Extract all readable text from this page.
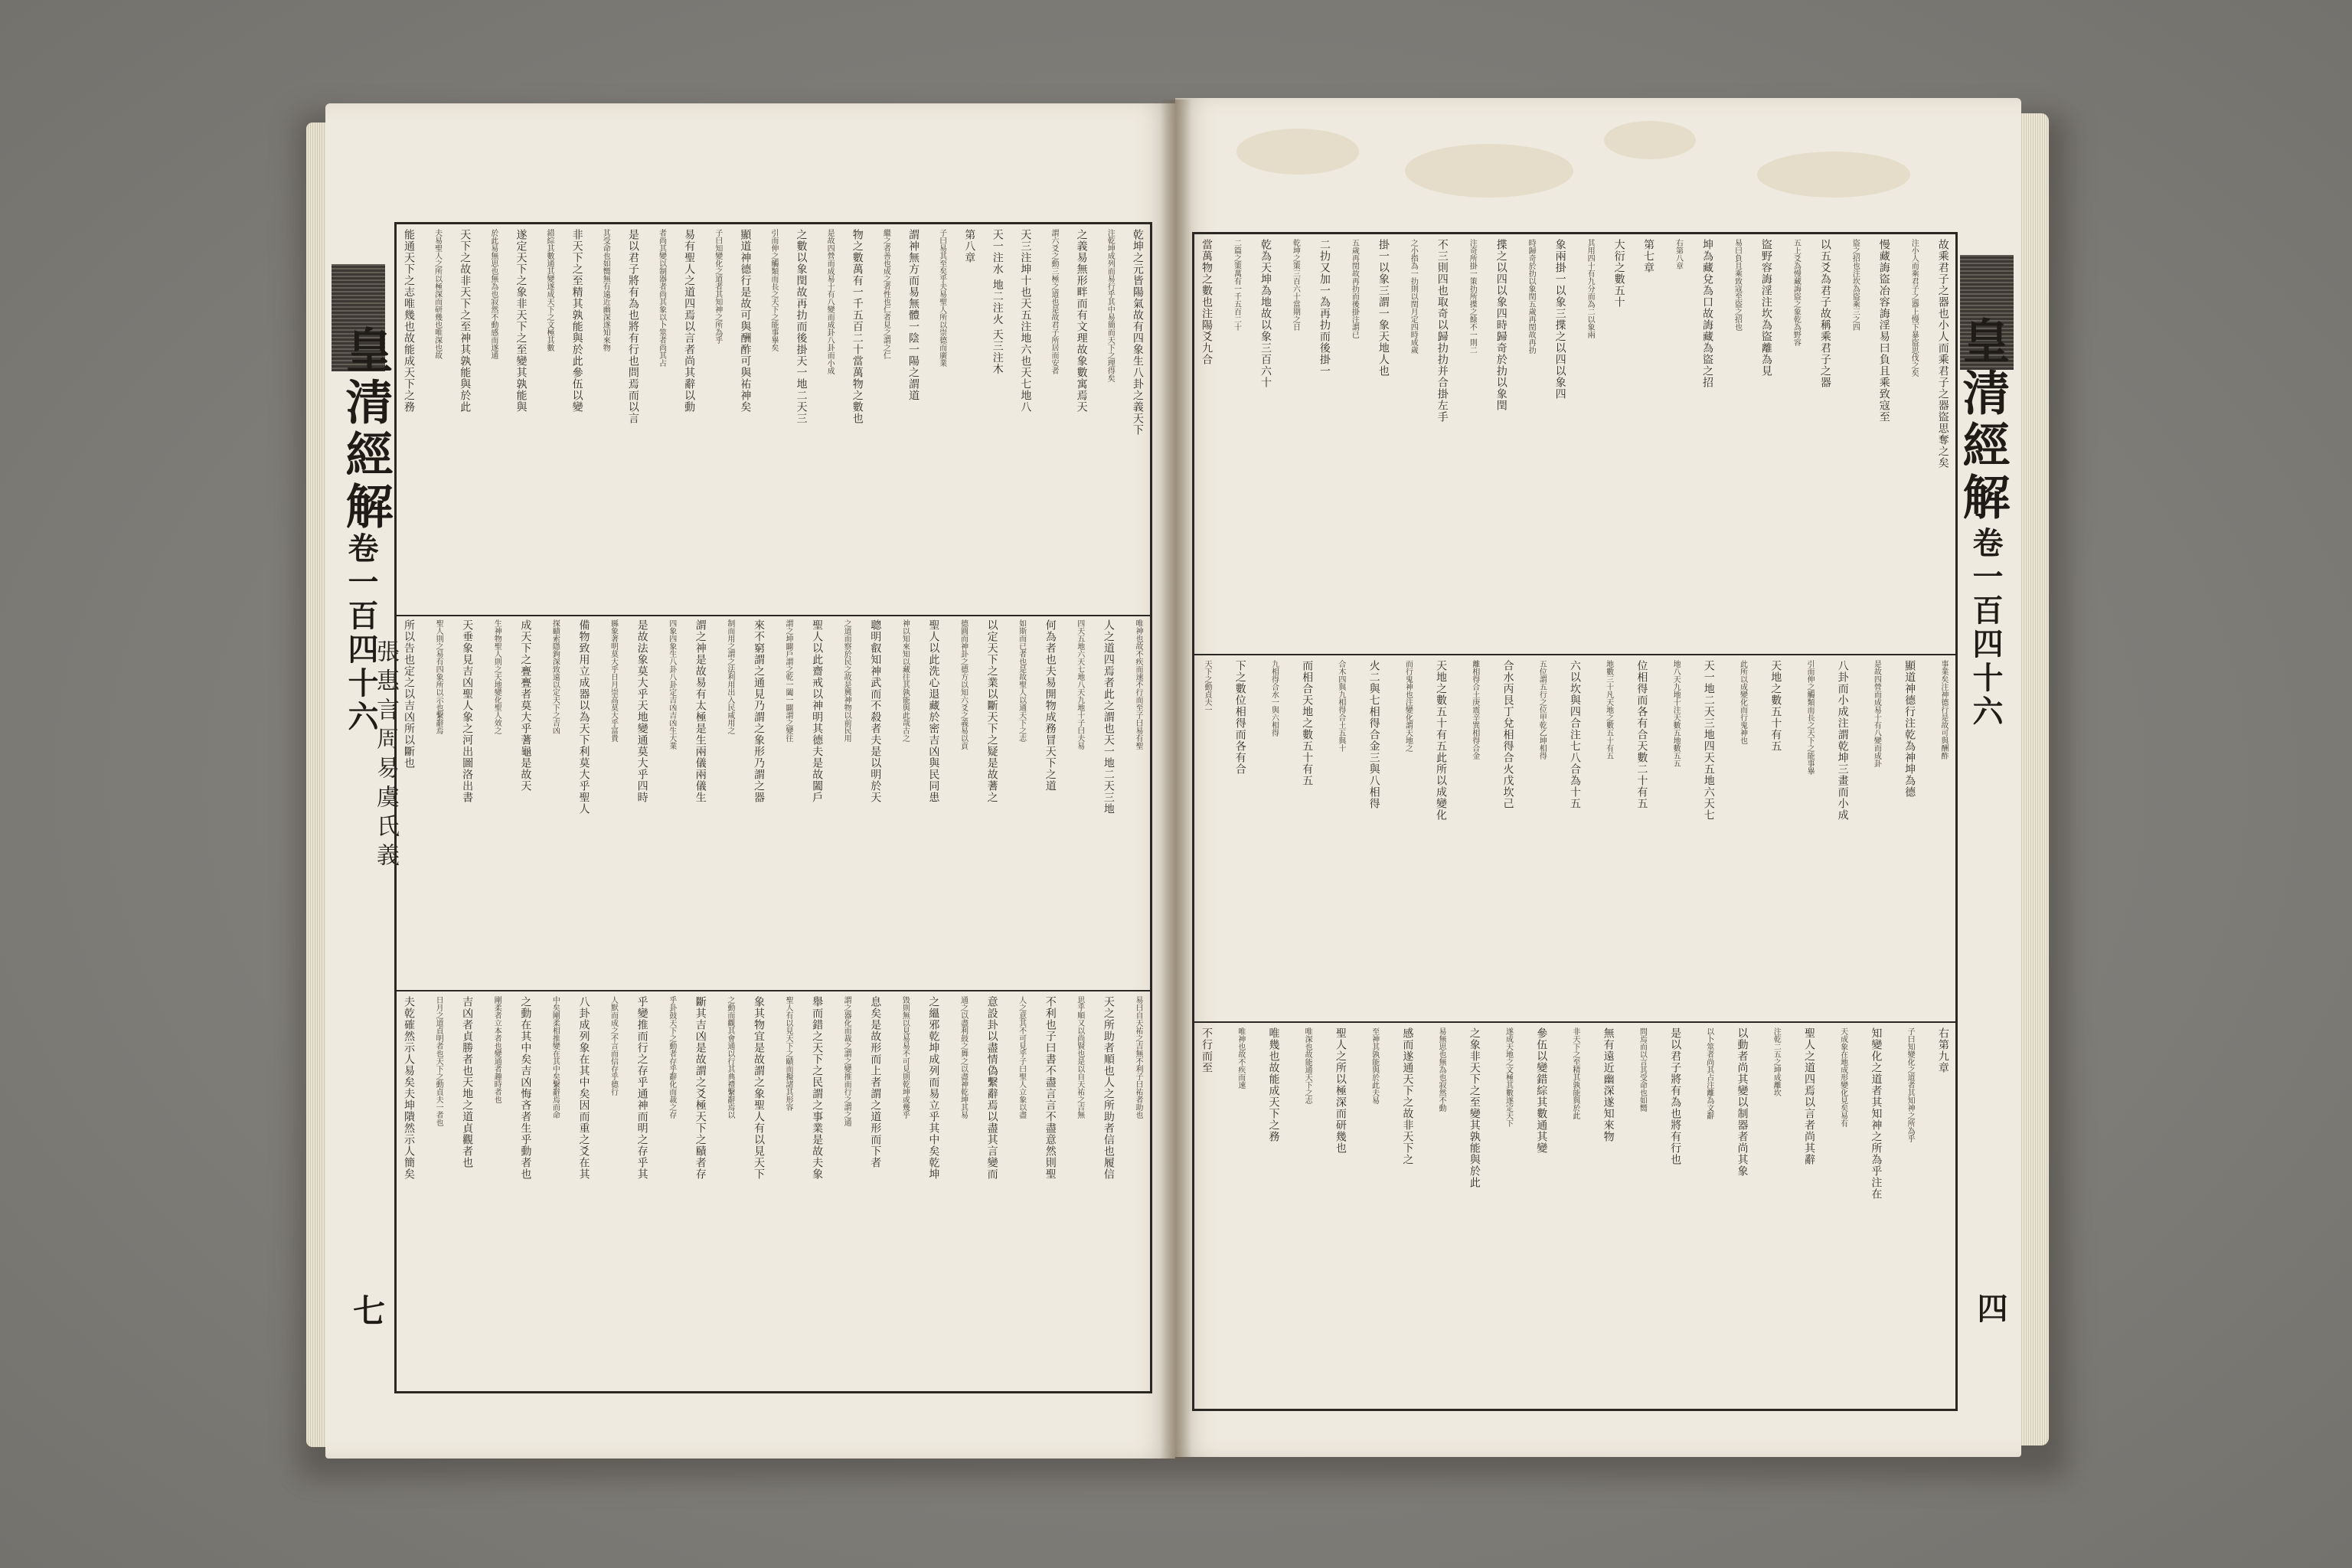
皇清經解
卷一百四十六
張惠言周易虞氏義
七
乾坤之元皆陽氣故有四象生八卦之義天下
注乾坤成列而易行乎其中易簡而天下之理得矣
之義易無形畔而有文理故象數寓焉天
謂六爻之動三極之道也是故君子所居而安者
天三注坤十也天五注地六也天七地八
天一注水 地二注火 天三注木
第八章
子曰易其至矣乎夫易聖人所以崇德而廣業
謂神無方而易無體一陰一陽之謂道
繼之者善也成之者性也仁者見之謂之仁
物之數萬有一千五百二十當萬物之數也
是故四營而成易十有八變而成卦八卦而小成
之數以象閏故再扐而後掛天一地二天三
引而伸之觸類而長之天下之能事畢矣
顯道神德行是故可與酬酢可與祐神矣
子曰知變化之道者其知神之所為乎
易有聖人之道四焉以言者尚其辭以動
者尚其變以制器者尚其象以卜筮者尚其占
是以君子將有為也將有行也問焉而以言
其受命也如嚮無有遠近幽深遂知來物
非天下之至精其孰能與於此參伍以變
錯綜其數通其變遂成天下之文極其數
遂定天下之象非天下之至變其孰能與
於此易無思也無為也寂然不動感而遂通
天下之故非天下之至神其孰能與於此
夫易聖人之所以極深而研幾也唯深也故
能通天下之志唯幾也故能成天下之務
唯神也故不疾而速不行而至子曰易有聖
人之道四焉者此之謂也天一地二天三地
四天五地六天七地八天九地十子曰夫易
何為者也夫易開物成務冒天下之道
如斯而已者也是故聖人以通天下之志
以定天下之業以斷天下之疑是故蓍之
德圓而神卦之德方以知六爻之義易以貢
聖人以此洗心退藏於密吉凶與民同患
神以知來知以藏往其孰能與此哉古之
聰明叡知神武而不殺者夫是以明於天
之道而察於民之故是興神物以前民用
聖人以此齋戒以神明其德夫是故闔戶
謂之坤闢戶謂之乾一闔一闢謂之變往
來不窮謂之通見乃謂之象形乃謂之器
制而用之謂之法利用出入民咸用之
謂之神是故易有太極是生兩儀兩儀生
四象四象生八卦八卦定吉凶吉凶生大業
是故法象莫大乎天地變通莫大乎四時
縣象著明莫大乎日月崇高莫大乎富貴
備物致用立成器以為天下利莫大乎聖人
探賾索隱鉤深致遠以定天下之吉凶
成天下之亹亹者莫大乎蓍龜是故天
生神物聖人則之天地變化聖人效之
天垂象見吉凶聖人象之河出圖洛出書
聖人則之易有四象所以示也繫辭焉
所以告也定之以吉凶所以斷也
易曰自天祐之吉無不利子曰祐者助也
天之所助者順也人之所助者信也履信
思乎順又以尚賢也是以自天祐之吉無
不利也子曰書不盡言言不盡意然則聖
人之意其不可見乎子曰聖人立象以盡
意設卦以盡情偽繫辭焉以盡其言變而
通之以盡利鼓之舞之以盡神乾坤其易
之縕邪乾坤成列而易立乎其中矣乾坤
毀則無以見易易不可見則乾坤或幾乎
息矣是故形而上者謂之道形而下者
謂之器化而裁之謂之變推而行之謂之通
舉而錯之天下之民謂之事業是故夫象
聖人有以見天下之賾而擬諸其形容
象其物宜是故謂之象聖人有以見天下
之動而觀其會通以行其典禮繫辭焉以
斷其吉凶是故謂之爻極天下之賾者存
乎卦鼓天下之動者存乎辭化而裁之存
乎變推而行之存乎通神而明之存乎其
人默而成之不言而信存乎德行
八卦成列象在其中矣因而重之爻在其
中矣剛柔相推變在其中矣繫辭焉而命
之動在其中矣吉凶悔吝者生乎動者也
剛柔者立本者也變通者趣時者也
吉凶者貞勝者也天地之道貞觀者也
日月之道貞明者也天下之動貞夫一者也
夫乾確然示人易矣夫坤隤然示人簡矣
皇清經解
卷一百四十六
四
故乘君子之器也小人而乘君子之器盜思奪之矣
注小人而乘君子之器上慢下暴盜思伐之矣
慢藏誨盜冶容誨淫易曰負且乘致寇至
盜之招也注坎為盜乘三之四
以五爻為君子故稱乘君子之器
五上爻為慢藏誨盜之象乾為野容
盜野容誨淫注坎為盜離為見
易曰負且乘致寇至盜之招也
坤為藏兌為口故誨藏為盜之招
右第八章
第七章
大衍之數五十
其用四十有九分而為二以象兩
象兩掛一以象三揲之以四以象四
時歸奇於扐以象閏五歲再閏故再扐
揲之以四以象四時歸奇於扐以象閏
注奇所掛一策扐所揲之餘不一則二
不三則四也取奇以歸扐扐并合掛左手
之小指為一扐則以閏月定四時成歲
掛一以象三謂一象天地人也
五歲再閏故再扐而後掛注謂已
二扐又加一為再扐而後掛一
乾坤之策三百六十當期之日
乾為天坤為地故以象三百六十
二篇之策萬有一千五百二十
當萬物之數也注陽爻九合
事業矣注神德行是故可與酬酢
顯道神德行注乾為神坤為德
是故四營而成易十有八變而成卦
八卦而小成注謂乾坤三畫而小成
引而伸之觸類而長之天下之能事畢
天地之數五十有五
此所以成變化而行鬼神也
天一地二天三地四天五地六天七
地八天九地十注天數五地數五五
位相得而各有合天數二十有五
地數三十凡天地之數五十有五
六以坎與四合注七八合為十五
五位謂五行之位甲乾乙坤相得
合水丙艮丁兌相得合火戊坎己
離相得合土庚震辛巽相得合金
天地之數五十有五此所以成變化
而行鬼神也注變化謂天地之
火二與七相得合金三與八相得
合木四與九相得合土五與十
而相合天地之數五十有五
九相得合水一與六相得
下之數位相得而各有合
天下之動貞夫一
右第九章
子曰知變化之道者其知神之所為乎
知變化之道者其知神之所為乎注在
天成象在地成形變化見矣易有
聖人之道四焉以言者尚其辭
注乾二五之坤成離坎
以動者尚其變以制器者尚其象
以卜筮者尚其占注離為文辭
是以君子將有為也將有行也
問焉而以言其受命也如嚮
無有遠近幽深遂知來物
非天下之至精其孰能與於此
參伍以變錯綜其數通其變
遂成天地之文極其數遂定天下
之象非天下之至變其孰能與於此
易無思也無為也寂然不動
感而遂通天下之故非天下之
至神其孰能與於此夫易
聖人之所以極深而研幾也
唯深也故能通天下之志
唯幾也故能成天下之務
唯神也故不疾而速
不行而至
